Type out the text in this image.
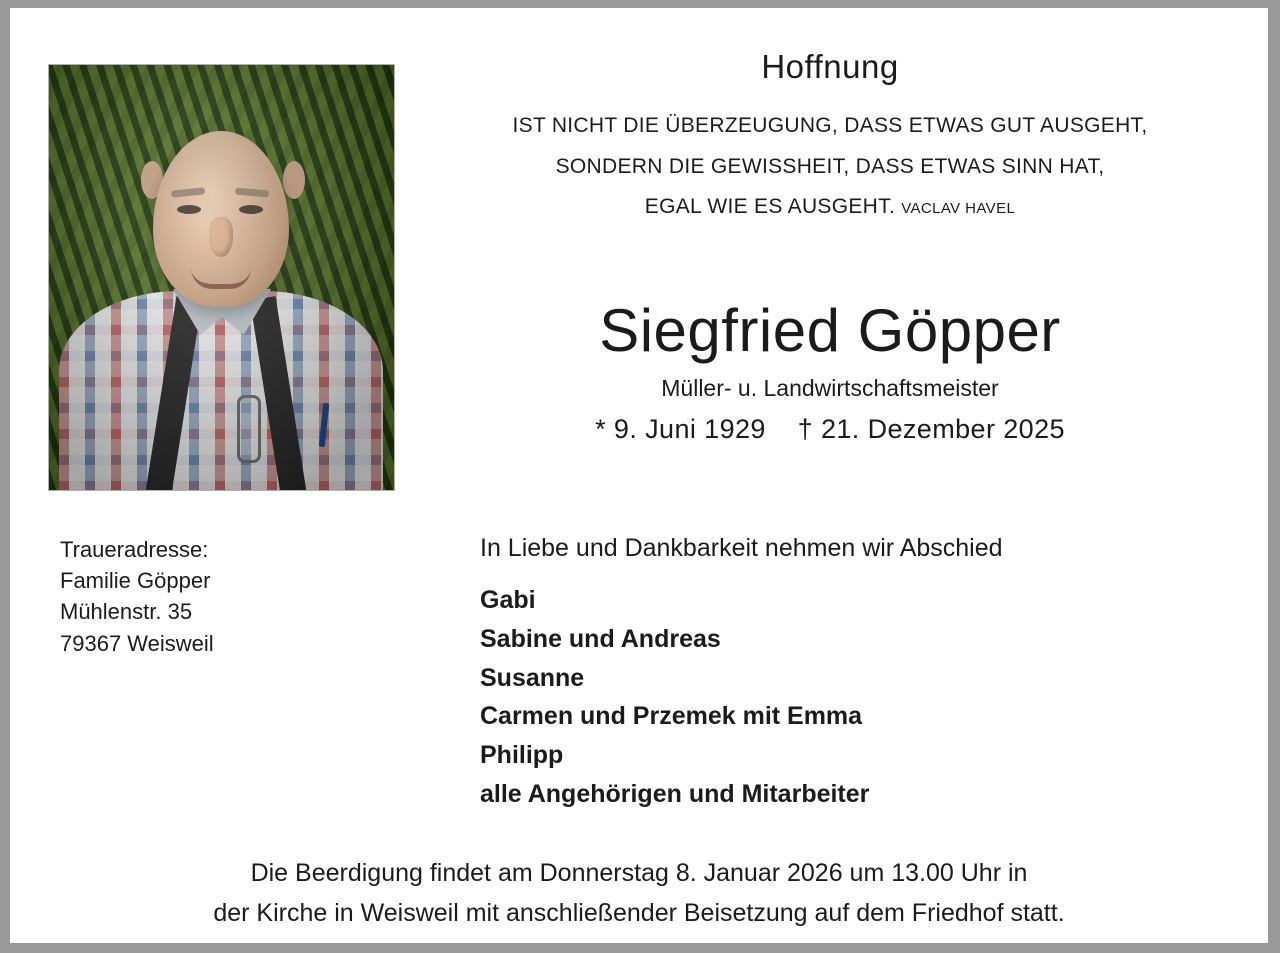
Hoffnung
IST NICHT DIE ÜBERZEUGUNG, DASS ETWAS GUT AUSGEHT,
SONDERN DIE GEWISSHEIT, DASS ETWAS SINN HAT,
EGAL WIE ES AUSGEHT. VACLAV HAVEL
Siegfried Göpper
Müller- u. Landwirtschaftsmeister
* 9. Juni 1929 † 21. Dezember 2025
Traueradresse:
Familie Göpper
Mühlenstr. 35
79367 Weisweil
In Liebe und Dankbarkeit nehmen wir Abschied
Gabi
Sabine und Andreas
Susanne
Carmen und Przemek mit Emma
Philipp
alle Angehörigen und Mitarbeiter
Die Beerdigung findet am Donnerstag 8. Januar 2026 um 13.00 Uhr in
der Kirche in Weisweil mit anschließender Beisetzung auf dem Friedhof statt.
